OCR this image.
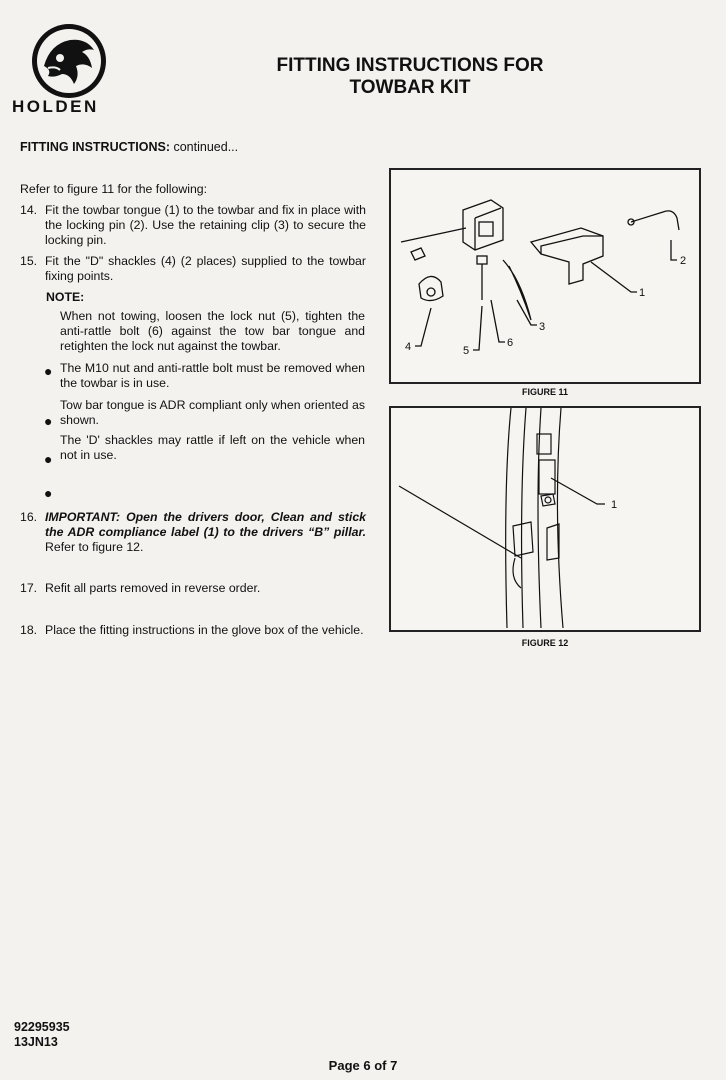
HOLDEN
FITTING INSTRUCTIONS FOR
TOWBAR KIT
FITTING INSTRUCTIONS: continued...
Refer to figure 11 for the following:
14. Fit the towbar tongue (1) to the towbar and fix in place with the locking pin (2). Use the retaining clip (3) to secure the locking pin.
15. Fit the "D" shackles (4) (2 places) supplied to the towbar fixing points.
NOTE:
When not towing, loosen the lock nut (5), tighten the anti-rattle bolt (6) against the tow bar tongue and retighten the lock nut against the towbar.
● The M10 nut and anti-rattle bolt must be removed when the towbar is in use.
●
Tow bar tongue is ADR compliant only when oriented as shown.
●
The 'D' shackles may rattle if left on the vehicle when not in use.
●
16. IMPORTANT: Open the drivers door, Clean and stick the ADR compliance label (1) to the drivers “B” pillar. Refer to figure 12.
17. Refit all parts removed in reverse order.
18. Place the fitting instructions in the glove box of the vehicle.
1
2
3
4	5
6
FIGURE 11
1
FIGURE 12
92295935
13JN13
Page 6 of 7
